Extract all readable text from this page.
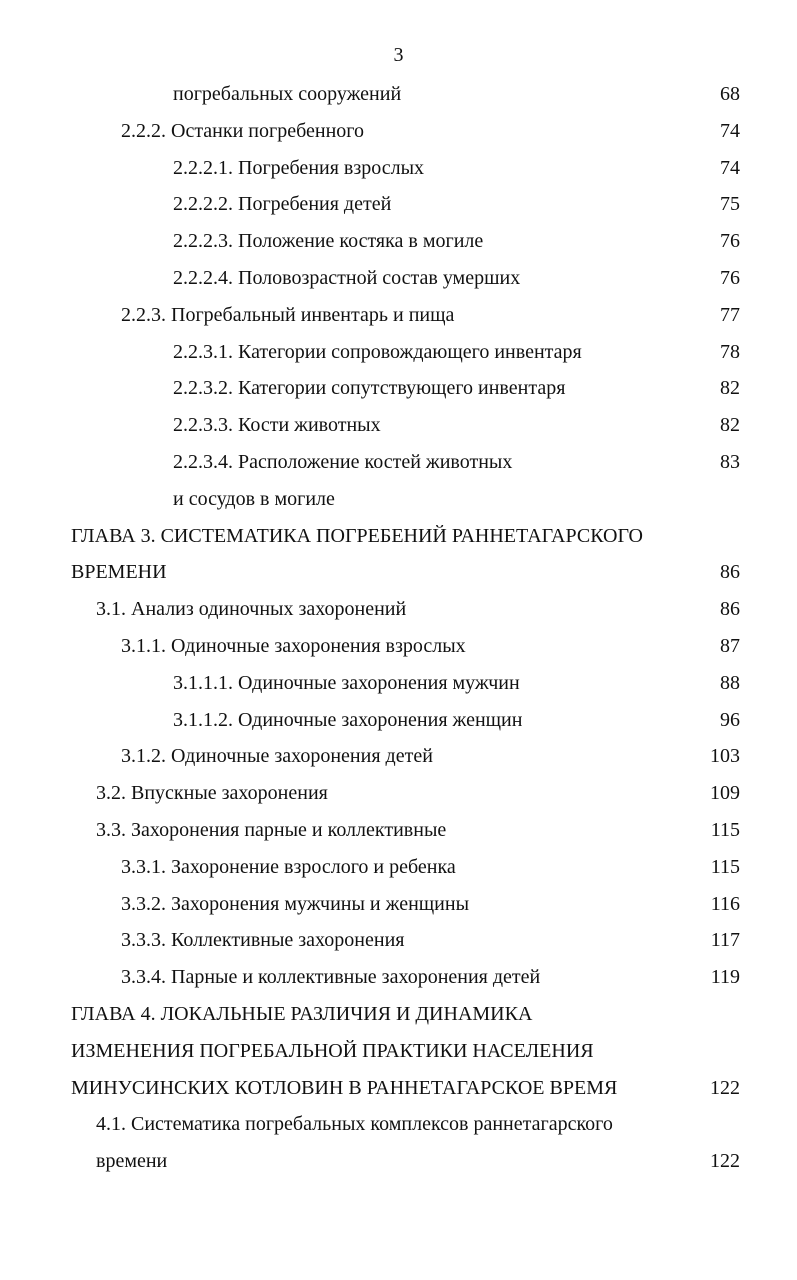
3
погребальных сооружений	68
2.2.2. Останки погребенного	74
2.2.2.1. Погребения взрослых	74
2.2.2.2. Погребения детей	75
2.2.2.3. Положение костяка в могиле	76
2.2.2.4. Половозрастной состав умерших	76
2.2.3. Погребальный инвентарь и пища	77
2.2.3.1. Категории сопровождающего инвентаря	78
2.2.3.2. Категории сопутствующего инвентаря	82
2.2.3.3. Кости животных	82
2.2.3.4. Расположение костей животных	83
и сосудов в могиле
ГЛАВА 3. СИСТЕМАТИКА ПОГРЕБЕНИЙ РАННЕТАГАРСКОГО
ВРЕМЕНИ	86
3.1. Анализ одиночных захоронений	86
3.1.1. Одиночные захоронения взрослых	87
3.1.1.1. Одиночные захоронения мужчин	88
3.1.1.2. Одиночные захоронения женщин	96
3.1.2. Одиночные захоронения детей	103
3.2. Впускные захоронения	109
3.3. Захоронения парные и коллективные	115
3.3.1. Захоронение взрослого и ребенка	115
3.3.2. Захоронения мужчины и женщины	116
3.3.3. Коллективные захоронения	117
3.3.4. Парные и коллективные захоронения детей	119
ГЛАВА 4. ЛОКАЛЬНЫЕ РАЗЛИЧИЯ И ДИНАМИКА
ИЗМЕНЕНИЯ ПОГРЕБАЛЬНОЙ ПРАКТИКИ НАСЕЛЕНИЯ
МИНУСИНСКИХ КОТЛОВИН В РАННЕТАГАРСКОЕ ВРЕМЯ	122
4.1. Систематика погребальных комплексов раннетагарского
времени	122
